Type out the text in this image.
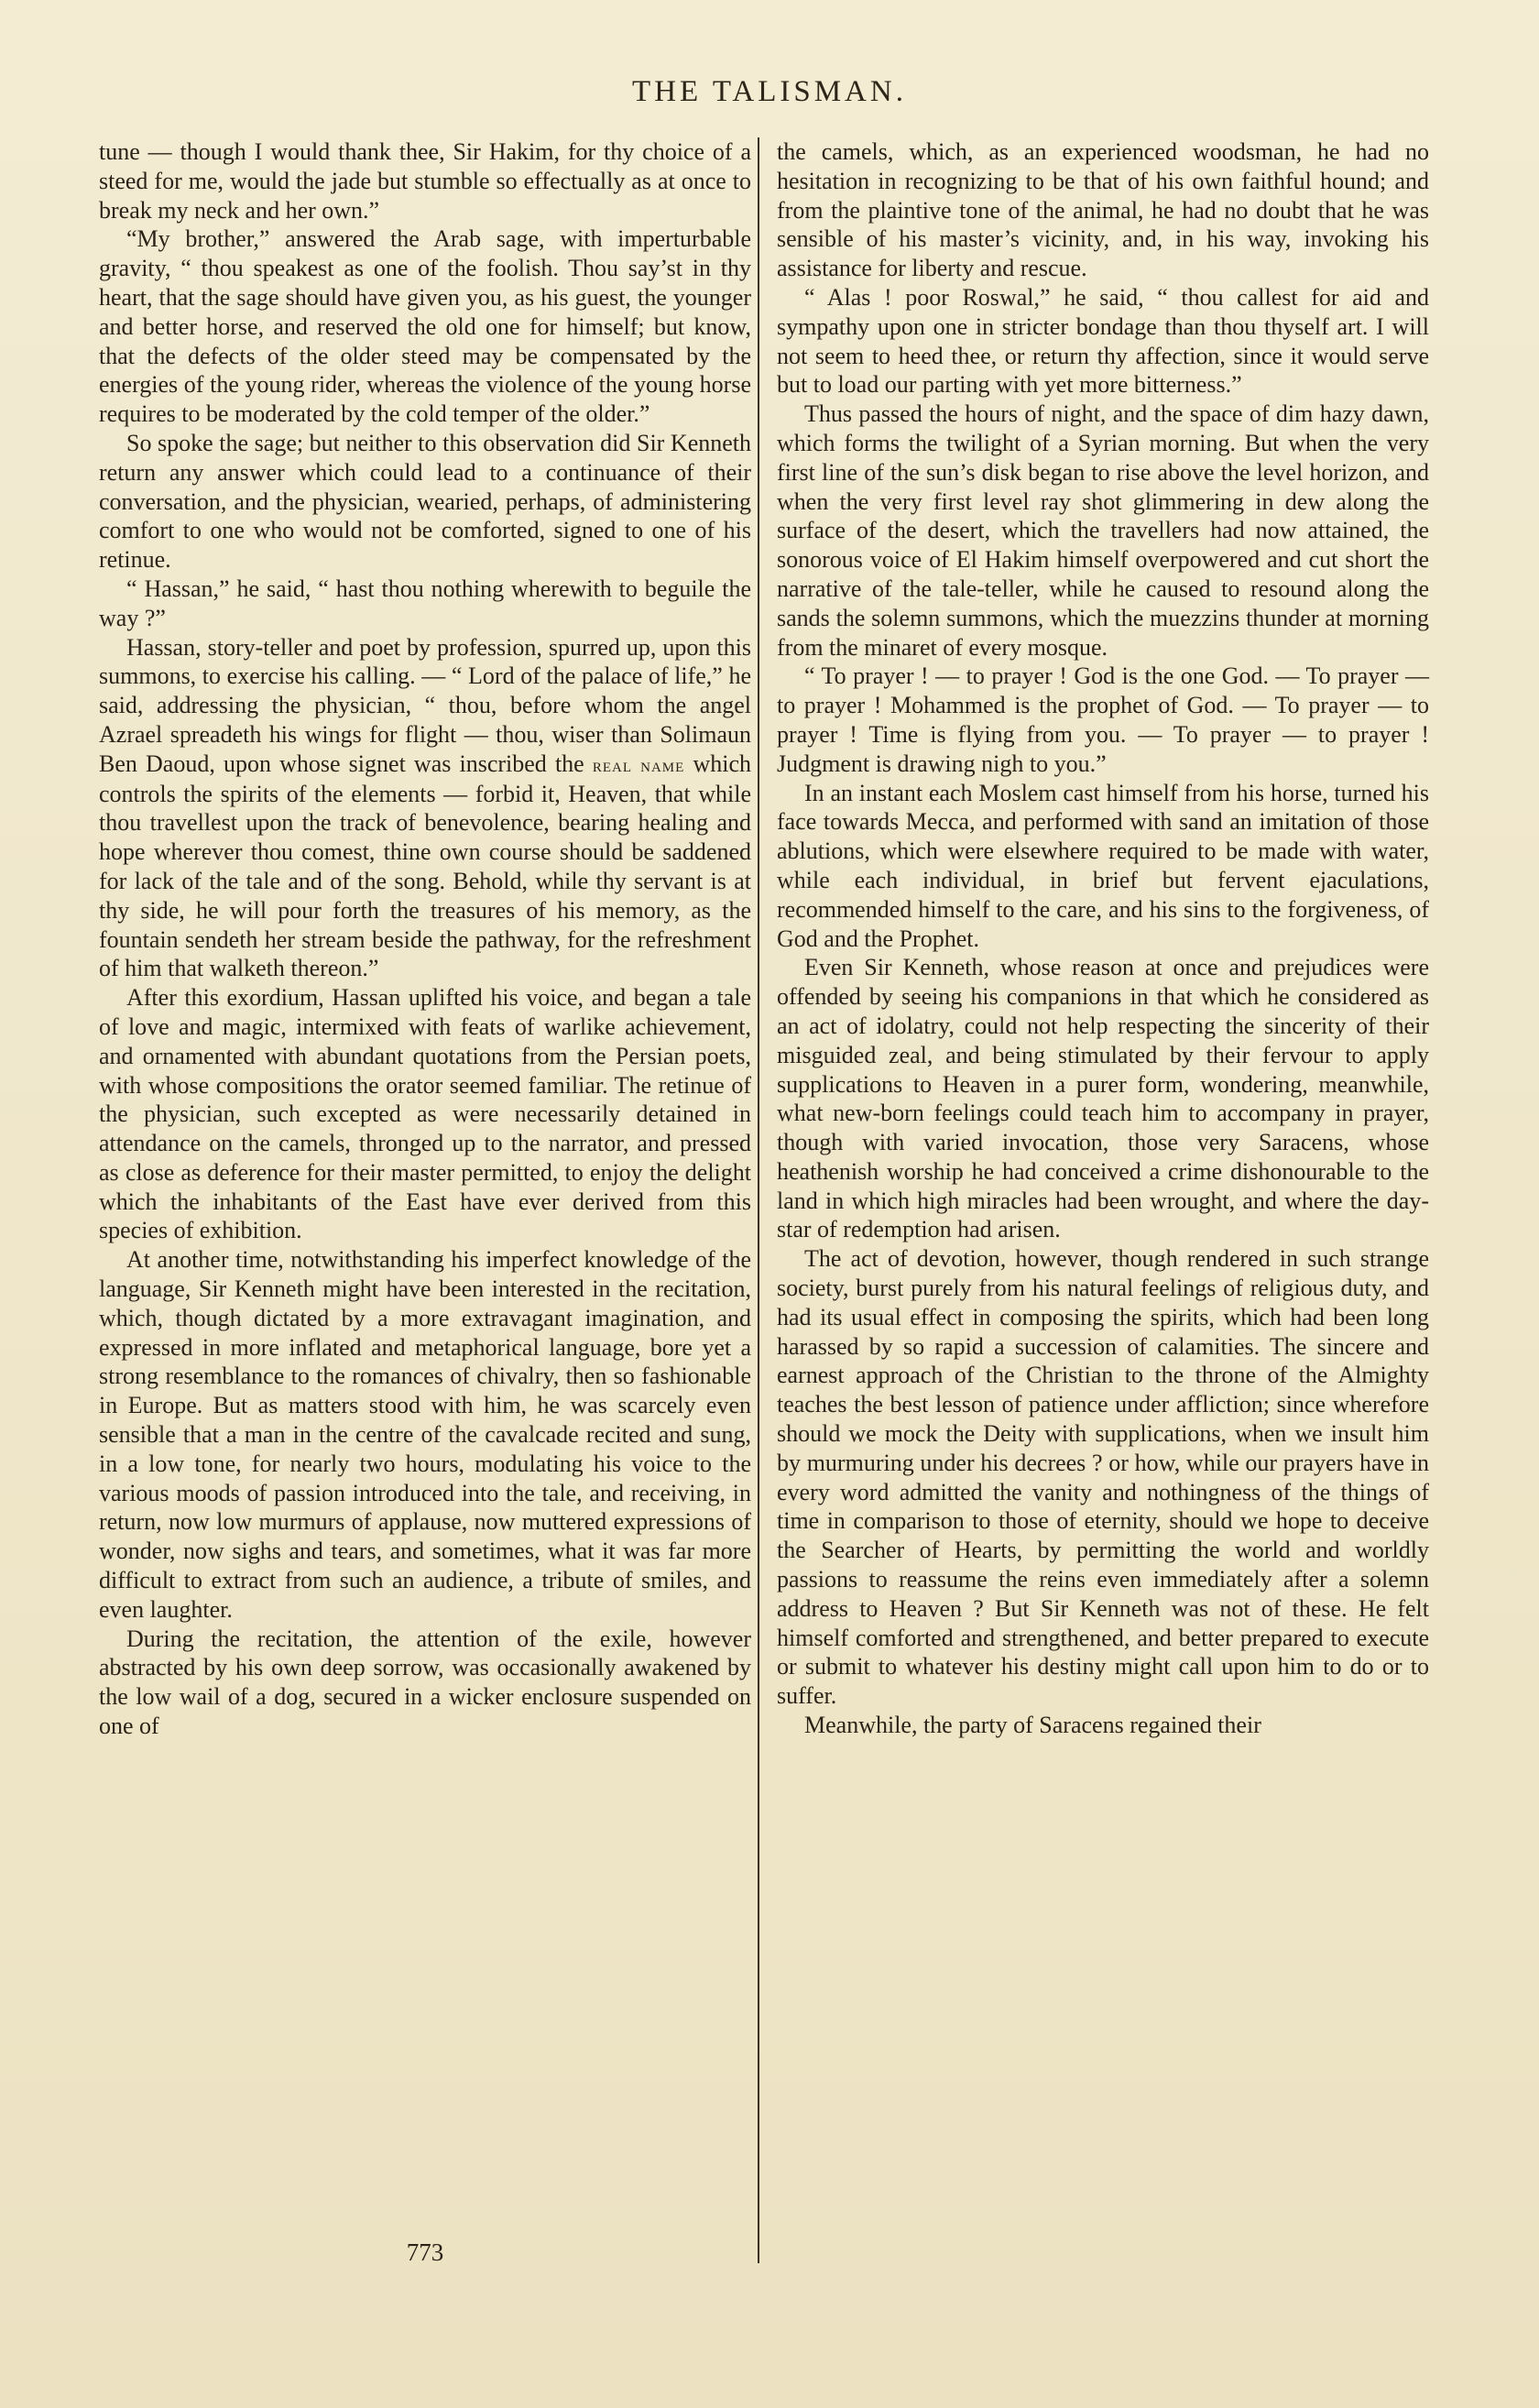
THE TALISMAN.

tune — though I would thank thee, Sir Hakim, for thy choice of a steed for me, would the jade but stumble so effectually as at once to break my neck and her own.”

“My brother,” answered the Arab sage, with imperturbable gravity, “ thou speakest as one of the foolish. Thou say’st in thy heart, that the sage should have given you, as his guest, the younger and better horse, and reserved the old one for himself; but know, that the defects of the older steed may be compensated by the energies of the young rider, whereas the violence of the young horse requires to be moderated by the cold temper of the older.”

So spoke the sage; but neither to this observation did Sir Kenneth return any answer which could lead to a continuance of their conversation, and the physician, wearied, perhaps, of administering comfort to one who would not be comforted, signed to one of his retinue.

“ Hassan,” he said, “ hast thou nothing wherewith to beguile the way ?”

Hassan, story-teller and poet by profession, spurred up, upon this summons, to exercise his calling. — “ Lord of the palace of life,” he said, addressing the physician, “ thou, before whom the angel Azrael spreadeth his wings for flight — thou, wiser than Solimaun Ben Daoud, upon whose signet was inscribed the real name which controls the spirits of the elements — forbid it, Heaven, that while thou travellest upon the track of benevolence, bearing healing and hope wherever thou comest, thine own course should be saddened for lack of the tale and of the song. Behold, while thy servant is at thy side, he will pour forth the treasures of his memory, as the fountain sendeth her stream beside the pathway, for the refreshment of him that walketh thereon.”

After this exordium, Hassan uplifted his voice, and began a tale of love and magic, intermixed with feats of warlike achievement, and ornamented with abundant quotations from the Persian poets, with whose compositions the orator seemed familiar. The retinue of the physician, such excepted as were necessarily detained in attendance on the camels, thronged up to the narrator, and pressed as close as deference for their master permitted, to enjoy the delight which the inhabitants of the East have ever derived from this species of exhibition.

At another time, notwithstanding his imperfect knowledge of the language, Sir Kenneth might have been interested in the recitation, which, though dictated by a more extravagant imagination, and expressed in more inflated and metaphorical language, bore yet a strong resemblance to the romances of chivalry, then so fashionable in Europe. But as matters stood with him, he was scarcely even sensible that a man in the centre of the cavalcade recited and sung, in a low tone, for nearly two hours, modulating his voice to the various moods of passion introduced into the tale, and receiving, in return, now low murmurs of applause, now muttered expressions of wonder, now sighs and tears, and sometimes, what it was far more difficult to extract from such an audience, a tribute of smiles, and even laughter.

During the recitation, the attention of the exile, however abstracted by his own deep sorrow, was occasionally awakened by the low wail of a dog, secured in a wicker enclosure suspended on one of

the camels, which, as an experienced woodsman, he had no hesitation in recognizing to be that of his own faithful hound; and from the plaintive tone of the animal, he had no doubt that he was sensible of his master’s vicinity, and, in his way, invoking his assistance for liberty and rescue.

“ Alas ! poor Roswal,” he said, “ thou callest for aid and sympathy upon one in stricter bondage than thou thyself art. I will not seem to heed thee, or return thy affection, since it would serve but to load our parting with yet more bitterness.”

Thus passed the hours of night, and the space of dim hazy dawn, which forms the twilight of a Syrian morning. But when the very first line of the sun’s disk began to rise above the level horizon, and when the very first level ray shot glimmering in dew along the surface of the desert, which the travellers had now attained, the sonorous voice of El Hakim himself overpowered and cut short the narrative of the tale-teller, while he caused to resound along the sands the solemn summons, which the muezzins thunder at morning from the minaret of every mosque.

“ To prayer ! — to prayer ! God is the one God. — To prayer — to prayer ! Mohammed is the prophet of God. — To prayer — to prayer ! Time is flying from you. — To prayer — to prayer ! Judgment is drawing nigh to you.”

In an instant each Moslem cast himself from his horse, turned his face towards Mecca, and performed with sand an imitation of those ablutions, which were elsewhere required to be made with water, while each individual, in brief but fervent ejaculations, recommended himself to the care, and his sins to the forgiveness, of God and the Prophet.

Even Sir Kenneth, whose reason at once and prejudices were offended by seeing his companions in that which he considered as an act of idolatry, could not help respecting the sincerity of their misguided zeal, and being stimulated by their fervour to apply supplications to Heaven in a purer form, wondering, meanwhile, what new-born feelings could teach him to accompany in prayer, though with varied invocation, those very Saracens, whose heathenish worship he had conceived a crime dishonourable to the land in which high miracles had been wrought, and where the day-star of redemption had arisen.

The act of devotion, however, though rendered in such strange society, burst purely from his natural feelings of religious duty, and had its usual effect in composing the spirits, which had been long harassed by so rapid a succession of calamities. The sincere and earnest approach of the Christian to the throne of the Almighty teaches the best lesson of patience under affliction; since wherefore should we mock the Deity with supplications, when we insult him by murmuring under his decrees ? or how, while our prayers have in every word admitted the vanity and nothingness of the things of time in comparison to those of eternity, should we hope to deceive the Searcher of Hearts, by permitting the world and worldly passions to reassume the reins even immediately after a solemn address to Heaven ? But Sir Kenneth was not of these. He felt himself comforted and strengthened, and better prepared to execute or submit to whatever his destiny might call upon him to do or to suffer.

Meanwhile, the party of Saracens regained their

773
